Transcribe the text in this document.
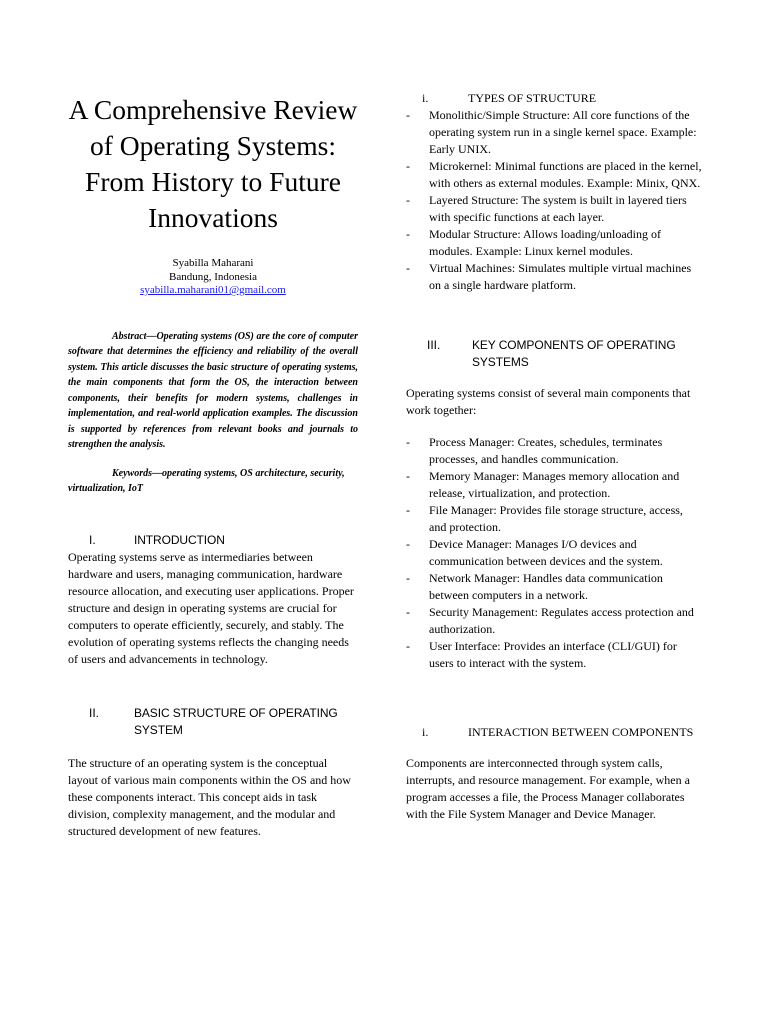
A Comprehensive Review of Operating Systems: From History to Future Innovations
Syabilla Maharani
Bandung, Indonesia
syabilla.maharani01@gmail.com
Abstract—Operating systems (OS) are the core of computer software that determines the efficiency and reliability of the overall system. This article discusses the basic structure of operating systems, the main components that form the OS, the interaction between components, their benefits for modern systems, challenges in implementation, and real-world application examples. The discussion is supported by references from relevant books and journals to strengthen the analysis.
Keywords—operating systems, OS architecture, security, virtualization, IoT
I.	INTRODUCTION

Operating systems serve as intermediaries between hardware and users, managing communication, hardware resource allocation, and executing user applications. Proper structure and design in operating systems are crucial for computers to operate efficiently, securely, and stably. The evolution of operating systems reflects the changing needs of users and advancements in technology.

II.	BASIC STRUCTURE OF OPERATING SYSTEM

The structure of an operating system is the conceptual layout of various main components within the OS and how these components interact. This concept aids in task division, complexity management, and the modular and structured development of new features.

i.	TYPES OF STRUCTURE
- Monolithic/Simple Structure: All core functions of the operating system run in a single kernel space. Example: Early UNIX.
- Microkernel: Minimal functions are placed in the kernel, with others as external modules. Example: Minix, QNX.
- Layered Structure: The system is built in layered tiers with specific functions at each layer.
- Modular Structure: Allows loading/unloading of modules. Example: Linux kernel modules.
- Virtual Machines: Simulates multiple virtual machines on a single hardware platform.
III.	KEY COMPONENTS OF OPERATING SYSTEMS

Operating systems consist of several main components that work together:

- Process Manager: Creates, schedules, terminates processes, and handles communication.
- Memory Manager: Manages memory allocation and release, virtualization, and protection.
- File Manager: Provides file storage structure, access, and protection.
- Device Manager: Manages I/O devices and communication between devices and the system.
- Network Manager: Handles data communication between computers in a network.
- Security Management: Regulates access protection and authorization.
- User Interface: Provides an interface (CLI/GUI) for users to interact with the system.
i.	INTERACTION BETWEEN COMPONENTS

Components are interconnected through system calls, interrupts, and resource management. For example, when a program accesses a file, the Process Manager collaborates with the File System Manager and Device Manager.
